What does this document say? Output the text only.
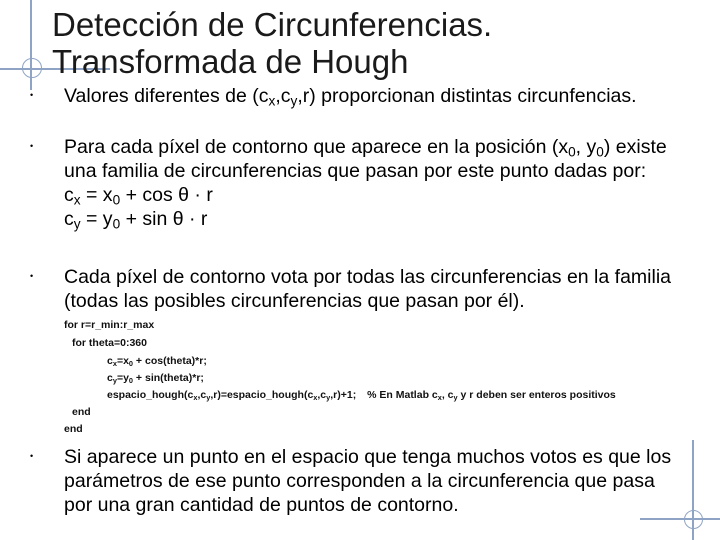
Detección de Circunferencias.
Transformada de Hough
• Valores diferentes de $(c_x,c_y,r)$ proporcionan distintas circunfencias.
• Para cada píxel de contorno que aparece en la posición ($x_0$, $y_0$) existe
una familia de circunferencias que pasan por este punto dadas por:
$c_x = x_0 + \cos \theta \cdot r$
$c_y = y_0 + \sin \theta \cdot r$
• Cada píxel de contorno vota por todas las circunferencias en la familia
(todas las posibles circunferencias que pasan por él).
for r=r_min:r_max
for theta=0:360
$c_x=x_0$ + cos(theta)*r;
$c_y=y_0$ + sin(theta)*r;
$espacio\_hough(c_x,c_y,r)=espacio\_hough(c_x,c_y,r)+1$; % En Matlab $c_x$, $c_y$ y r deben ser enteros positivos
end
end
• Si aparece un punto en el espacio que tenga muchos votos es que los
parámetros de ese punto corresponden a la circunferencia que pasa
por una gran cantidad de puntos de contorno.
